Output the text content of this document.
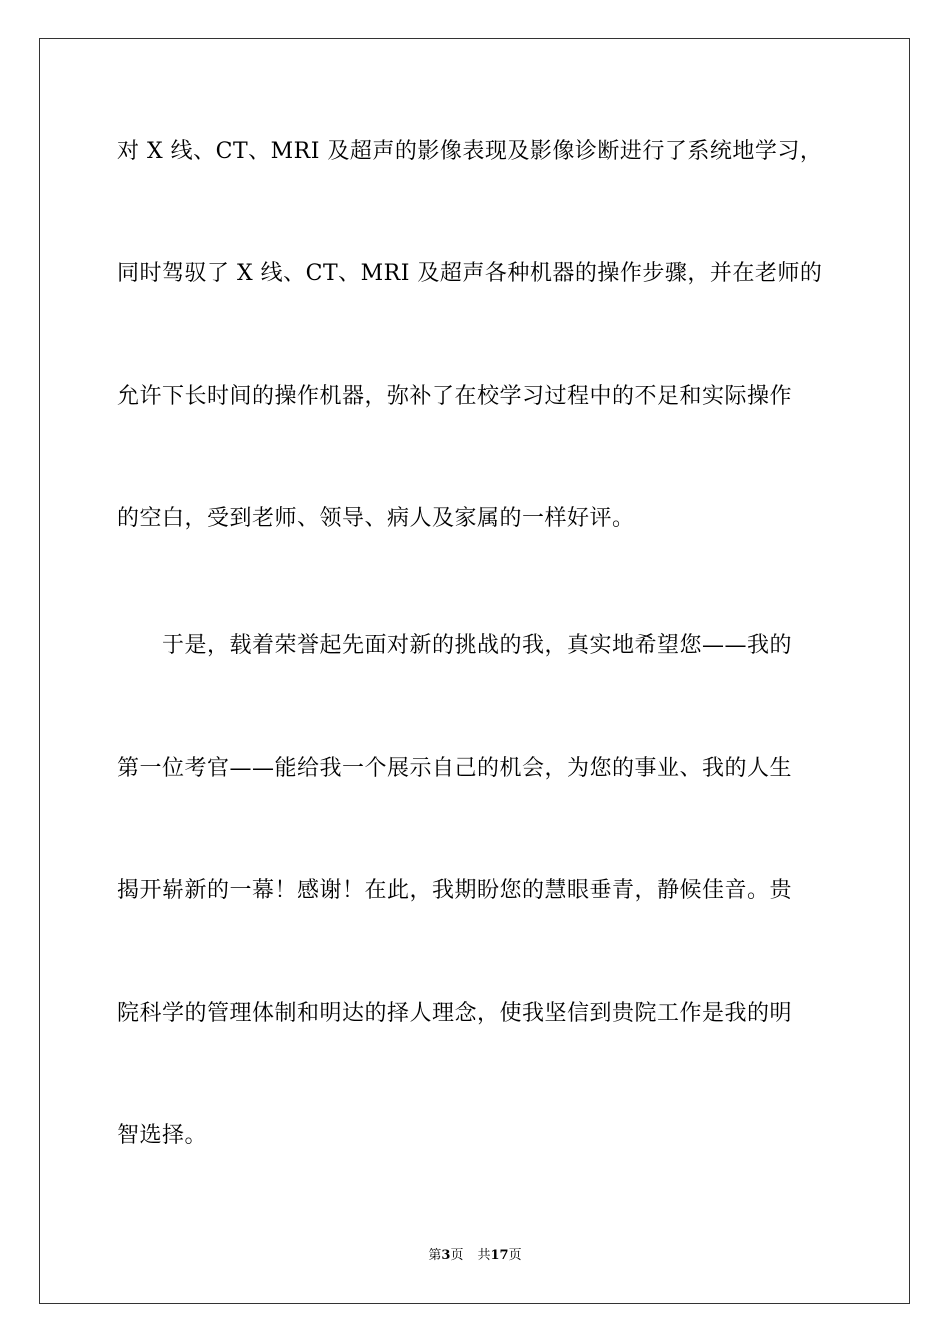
对 X 线、CT、MRI 及超声的影像表现及影像诊断进行了系统地学习，
同时驾驭了 X 线、CT、MRI 及超声各种机器的操作步骤，并在老师的
允许下长时间的操作机器，弥补了在校学习过程中的不足和实际操作
的空白，受到老师、领导、病人及家属的一样好评。
　　于是，载着荣誉起先面对新的挑战的我，真实地希望您——我的
第一位考官——能给我一个展示自己的机会，为您的事业、我的人生
揭开崭新的一幕！感谢！在此，我期盼您的慧眼垂青，静候佳音。贵
院科学的管理体制和明达的择人理念，使我坚信到贵院工作是我的明
智选择。
第3页 共17页
